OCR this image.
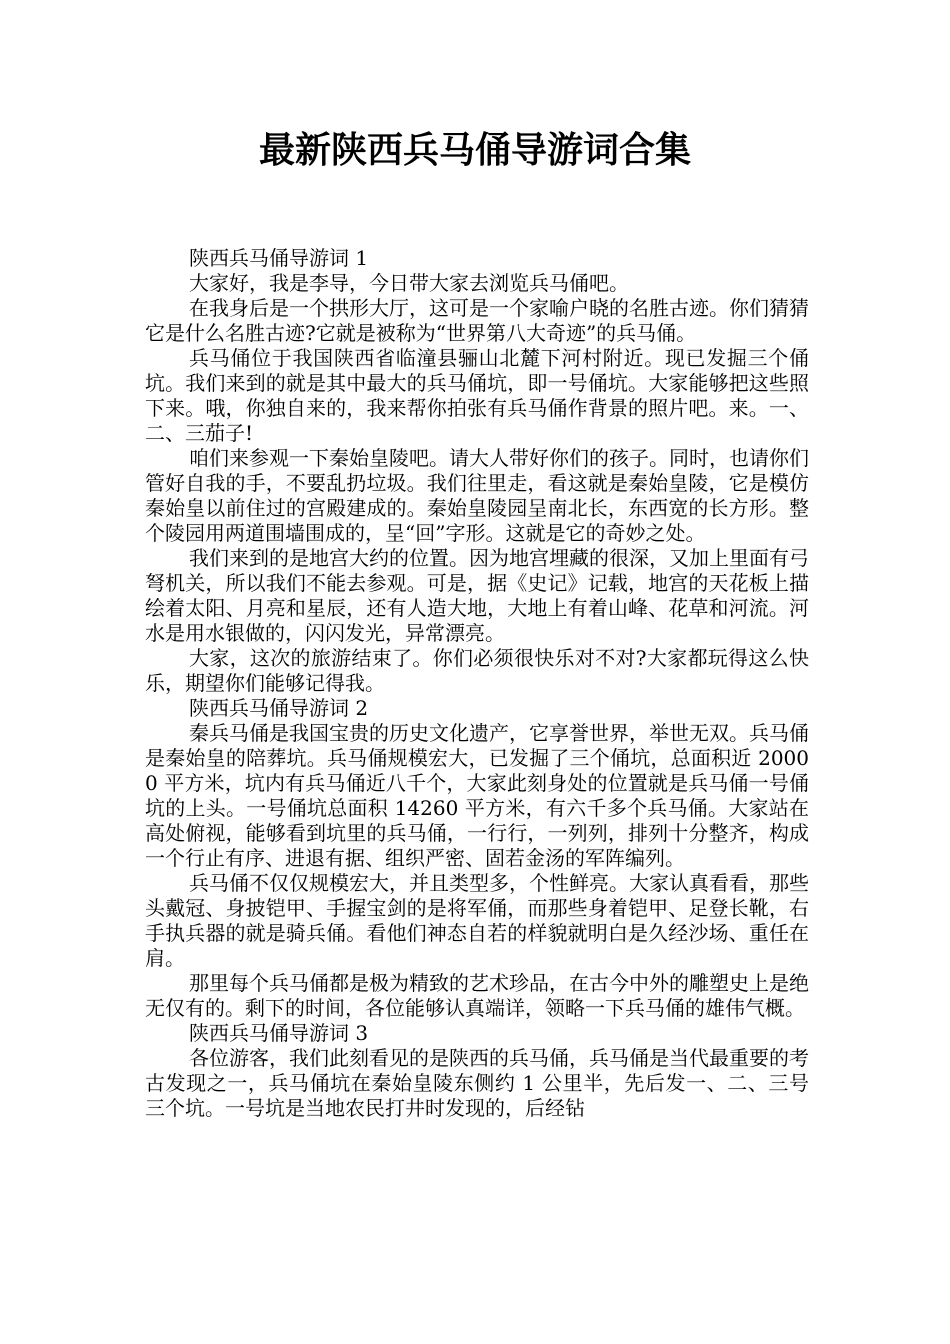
最新陕西兵马俑导游词合集

陕西兵马俑导游词 1

大家好，我是李导，今日带大家去浏览兵马俑吧。

在我身后是一个拱形大厅，这可是一个家喻户晓的名胜古迹。你们猜猜它是什么名胜古迹?它就是被称为“世界第八大奇迹”的兵马俑。

兵马俑位于我国陕西省临潼县骊山北麓下河村附近。现已发掘三个俑坑。我们来到的就是其中最大的兵马俑坑，即一号俑坑。大家能够把这些照下来。哦，你独自来的，我来帮你拍张有兵马俑作背景的照片吧。来。一、二、三茄子!

咱们来参观一下秦始皇陵吧。请大人带好你们的孩子。同时，也请你们管好自我的手，不要乱扔垃圾。我们往里走，看这就是秦始皇陵，它是模仿秦始皇以前住过的宫殿建成的。秦始皇陵园呈南北长，东西宽的长方形。整个陵园用两道围墙围成的，呈“回”字形。这就是它的奇妙之处。

我们来到的是地宫大约的位置。因为地宫埋藏的很深，又加上里面有弓弩机关，所以我们不能去参观。可是，据《史记》记载，地宫的天花板上描绘着太阳、月亮和星辰，还有人造大地，大地上有着山峰、花草和河流。河水是用水银做的，闪闪发光，异常漂亮。

大家，这次的旅游结束了。你们必须很快乐对不对?大家都玩得这么快乐，期望你们能够记得我。

陕西兵马俑导游词 2

秦兵马俑是我国宝贵的历史文化遗产，它享誉世界，举世无双。兵马俑是秦始皇的陪葬坑。兵马俑规模宏大，已发掘了三个俑坑，总面积近 20000 平方米，坑内有兵马俑近八千个，大家此刻身处的位置就是兵马俑一号俑坑的上头。一号俑坑总面积 14260 平方米，有六千多个兵马俑。大家站在高处俯视，能够看到坑里的兵马俑，一行行，一列列，排列十分整齐，构成一个行止有序、进退有据、组织严密、固若金汤的军阵编列。

兵马俑不仅仅规模宏大，并且类型多，个性鲜亮。大家认真看看，那些头戴冠、身披铠甲、手握宝剑的是将军俑，而那些身着铠甲、足登长靴，右手执兵器的就是骑兵俑。看他们神态自若的样貌就明白是久经沙场、重任在肩。

那里每个兵马俑都是极为精致的艺术珍品，在古今中外的雕塑史上是绝无仅有的。剩下的时间，各位能够认真端详，领略一下兵马俑的雄伟气概。

陕西兵马俑导游词 3

各位游客，我们此刻看见的是陕西的兵马俑，兵马俑是当代最重要的考古发现之一，兵马俑坑在秦始皇陵东侧约 1 公里半，先后发一、二、三号三个坑。一号坑是当地农民打井时发现的，后经钻
